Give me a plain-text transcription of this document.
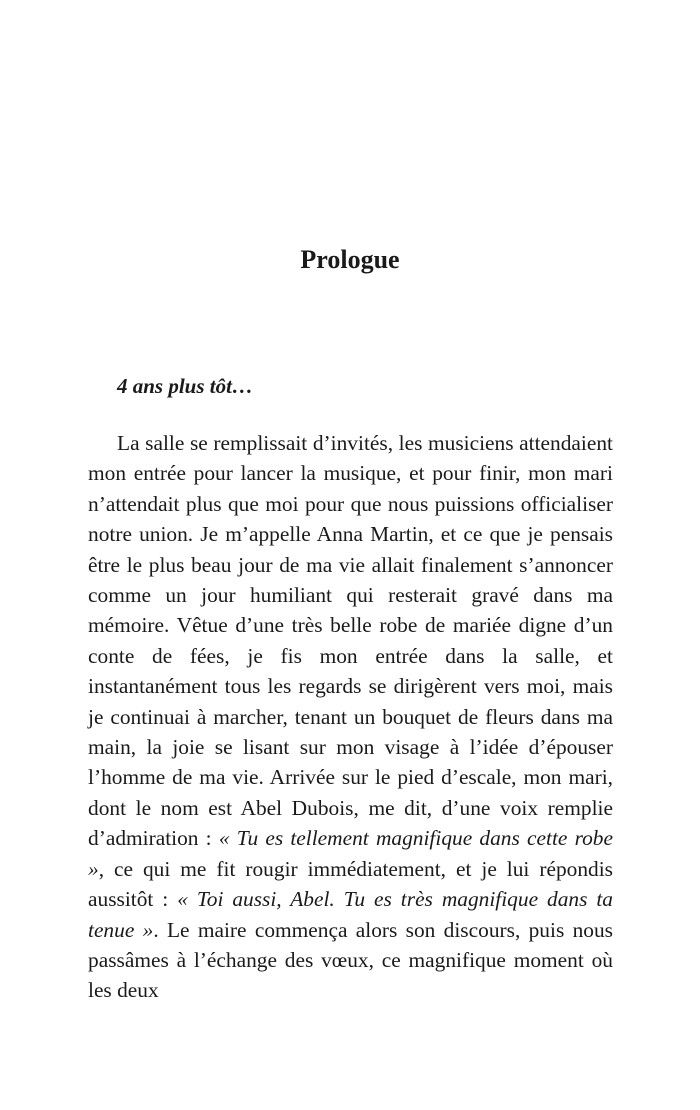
Prologue

4 ans plus tôt…

La salle se remplissait d’invités, les musiciens attendaient mon entrée pour lancer la musique, et pour finir, mon mari n’attendait plus que moi pour que nous puissions officialiser notre union. Je m’appelle Anna Martin, et ce que je pensais être le plus beau jour de ma vie allait finalement s’annoncer comme un jour humiliant qui resterait gravé dans ma mémoire. Vêtue d’une très belle robe de mariée digne d’un conte de fées, je fis mon entrée dans la salle, et instantanément tous les regards se dirigèrent vers moi, mais je continuai à marcher, tenant un bouquet de fleurs dans ma main, la joie se lisant sur mon visage à l’idée d’épouser l’homme de ma vie. Arrivée sur le pied d’escale, mon mari, dont le nom est Abel Dubois, me dit, d’une voix remplie d’admiration : « Tu es tellement magnifique dans cette robe », ce qui me fit rougir immédiatement, et je lui répondis aussitôt : « Toi aussi, Abel. Tu es très magnifique dans ta tenue ». Le maire commença alors son discours, puis nous passâmes à l’échange des vœux, ce magnifique moment où les deux
